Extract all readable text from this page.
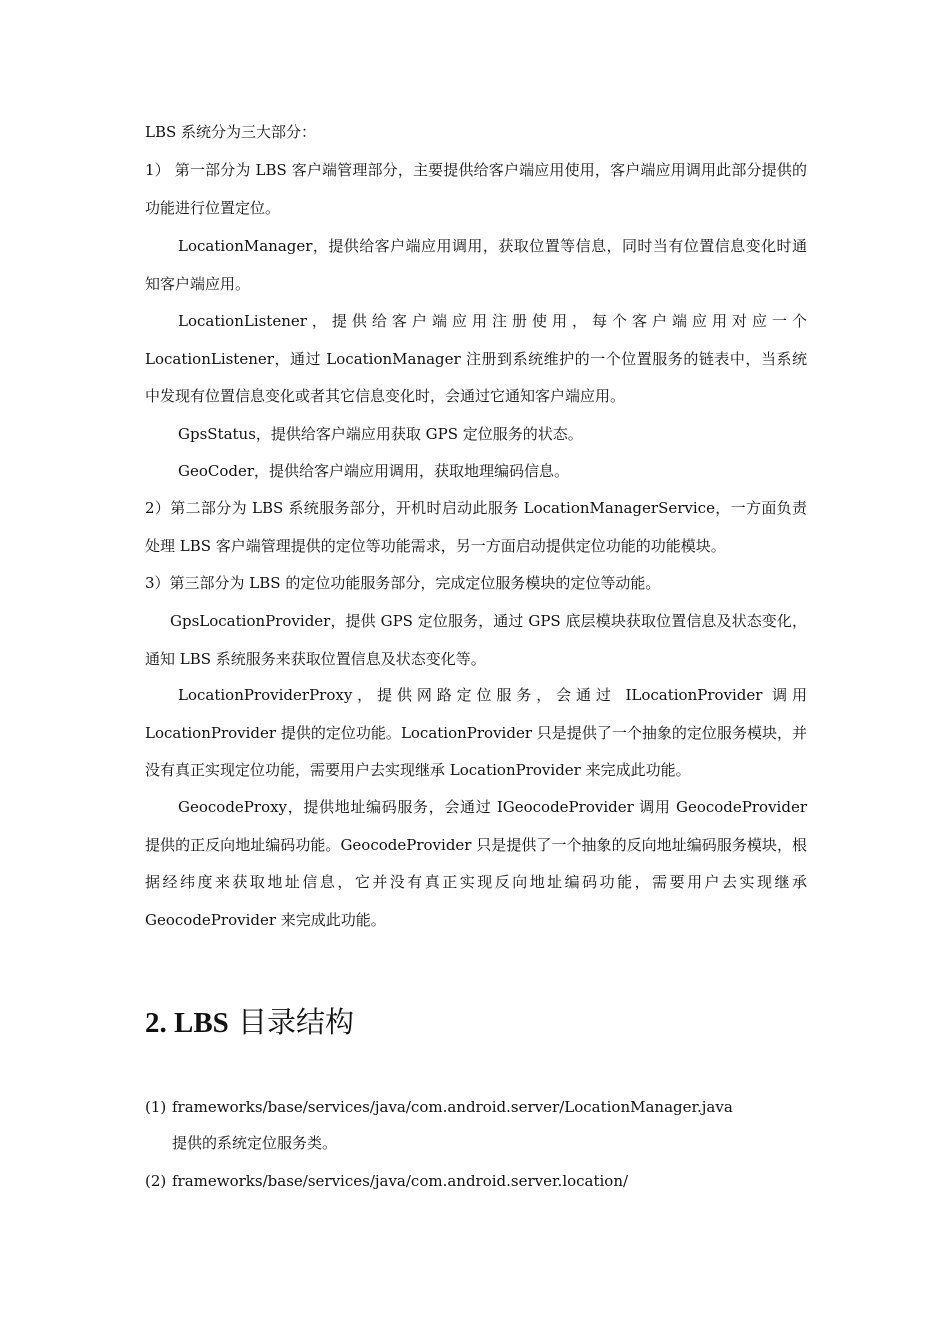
LBS 系统分为三大部分：

1） 第一部分为 LBS 客户端管理部分，主要提供给客户端应用使用，客户端应用调用此部分提供的功能进行位置定位。

LocationManager，提供给客户端应用调用，获取位置等信息，同时当有位置信息变化时通知客户端应用。

LocationListener，提供给客户端应用注册使用，每个客户端应用对应一个 LocationListener，通过 LocationManager 注册到系统维护的一个位置服务的链表中，当系统中发现有位置信息变化或者其它信息变化时，会通过它通知客户端应用。

GpsStatus，提供给客户端应用获取 GPS 定位服务的状态。

GeoCoder，提供给客户端应用调用，获取地理编码信息。

2）第二部分为 LBS 系统服务部分，开机时启动此服务 LocationManagerService，一方面负责处理 LBS 客户端管理提供的定位等功能需求，另一方面启动提供定位功能的功能模块。

3）第三部分为 LBS 的定位功能服务部分，完成定位服务模块的定位等动能。

GpsLocationProvider，提供 GPS 定位服务，通过 GPS 底层模块获取位置信息及状态变化，通知 LBS 系统服务来获取位置信息及状态变化等。

LocationProviderProxy，提供网路定位服务，会通过 ILocationProvider 调用 LocationProvider 提供的定位功能。LocationProvider 只是提供了一个抽象的定位服务模块，并没有真正实现定位功能，需要用户去实现继承 LocationProvider 来完成此功能。

GeocodeProxy，提供地址编码服务，会通过 IGeocodeProvider 调用 GeocodeProvider 提供的正反向地址编码功能。GeocodeProvider 只是提供了一个抽象的反向地址编码服务模块，根据经纬度来获取地址信息，它并没有真正实现反向地址编码功能，需要用户去实现继承 GeocodeProvider 来完成此功能。

2. LBS 目录结构

(1) frameworks/base/services/java/com.android.server/LocationManager.java

提供的系统定位服务类。

(2) frameworks/base/services/java/com.android.server.location/
